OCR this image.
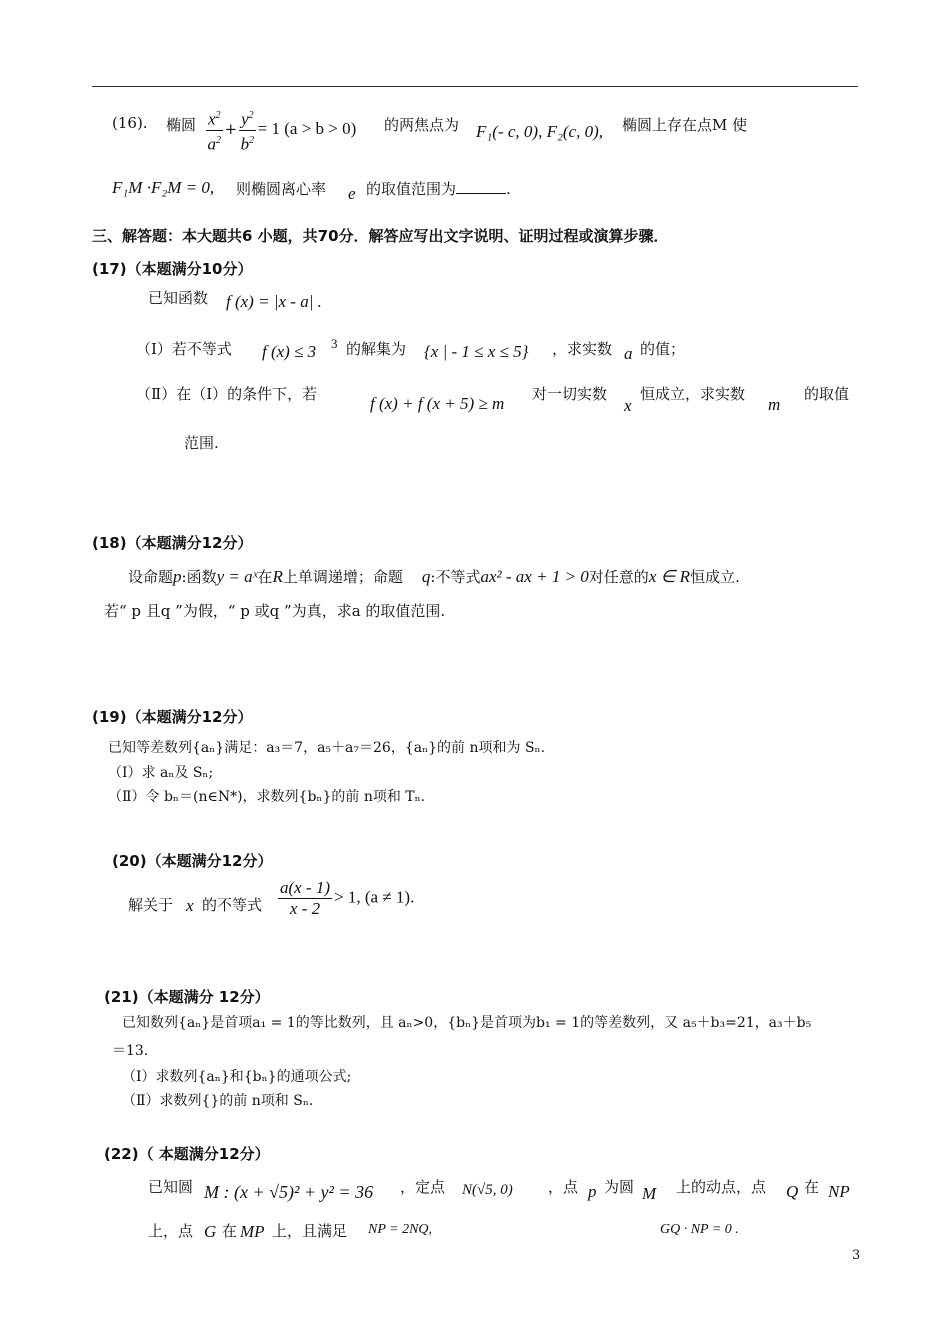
(16). 椭圆 $\frac{x^2}{a^2} + \frac{y^2}{b^2} = 1$ (a > b > 0) 的两焦点为 F₁(- c, 0), F₂(c, 0), 椭圆上存在点M 使
F₁M ·F₂M = 0, 则椭圆离心率 e 的取值范围为	.
三、解答题：本大题共6 小题，共70分．解答应写出文字说明、证明过程或演算步骤．
(17)（本题满分10分）
已知函数 f (x) = |x - a| .
（Ⅰ）若不等式 f (x) ≤ 3 3 的解集为 {x | - 1 ≤ x ≤ 5} ，求实数 a 的值；
（Ⅱ）在（Ⅰ）的条件下，若	f (x) + f (x + 5) ≥ m 对一切实数
x
恒成立，求实数
m
的取值
范围.
(18)（本题满分12分）
设命题p:函数y = aˣ在R上单调递增；命题 q:不等式ax² - ax + 1 > 0对任意的x ∈ R恒成立.
若“ p 且q ”为假，“ p 或q ”为真，求a 的取值范围.
(19)（本题满分12分）
已知等差数列{aₙ}满足：a₃＝7，a₅＋a₇＝26，{aₙ}的前 n项和为 Sₙ.
（Ⅰ）求 aₙ及 Sₙ;
（Ⅱ）令 bₙ＝(n∈N*)，求数列{bₙ}的前 n项和 Tₙ.
(20)（本题满分12分）
解关于 x 的不等式 $\frac{a(x - 1)}{x - 2} > 1$, (a ≠ 1).
(21)（本题满分 12分）
已知数列{aₙ}是首项a₁ = 1的等比数列，且 aₙ>0，{bₙ}是首项为b₁ = 1的等差数列，又 a₅＋b₃=21，a₃＋b₅
＝13.
（Ⅰ）求数列{aₙ}和{bₙ}的通项公式;
（Ⅱ）求数列{}的前 n项和 Sₙ.
(22)（ 本题满分12分）
已知圆 M : (x + √5)² + y² = 36 ，定点 N(√5, 0) ，点 p 为圆 M 上的动点，点 Q 在 NP
上，点 G 在 MP 上，且满足 NP = 2NQ,	GQ · NP = 0 .
3
